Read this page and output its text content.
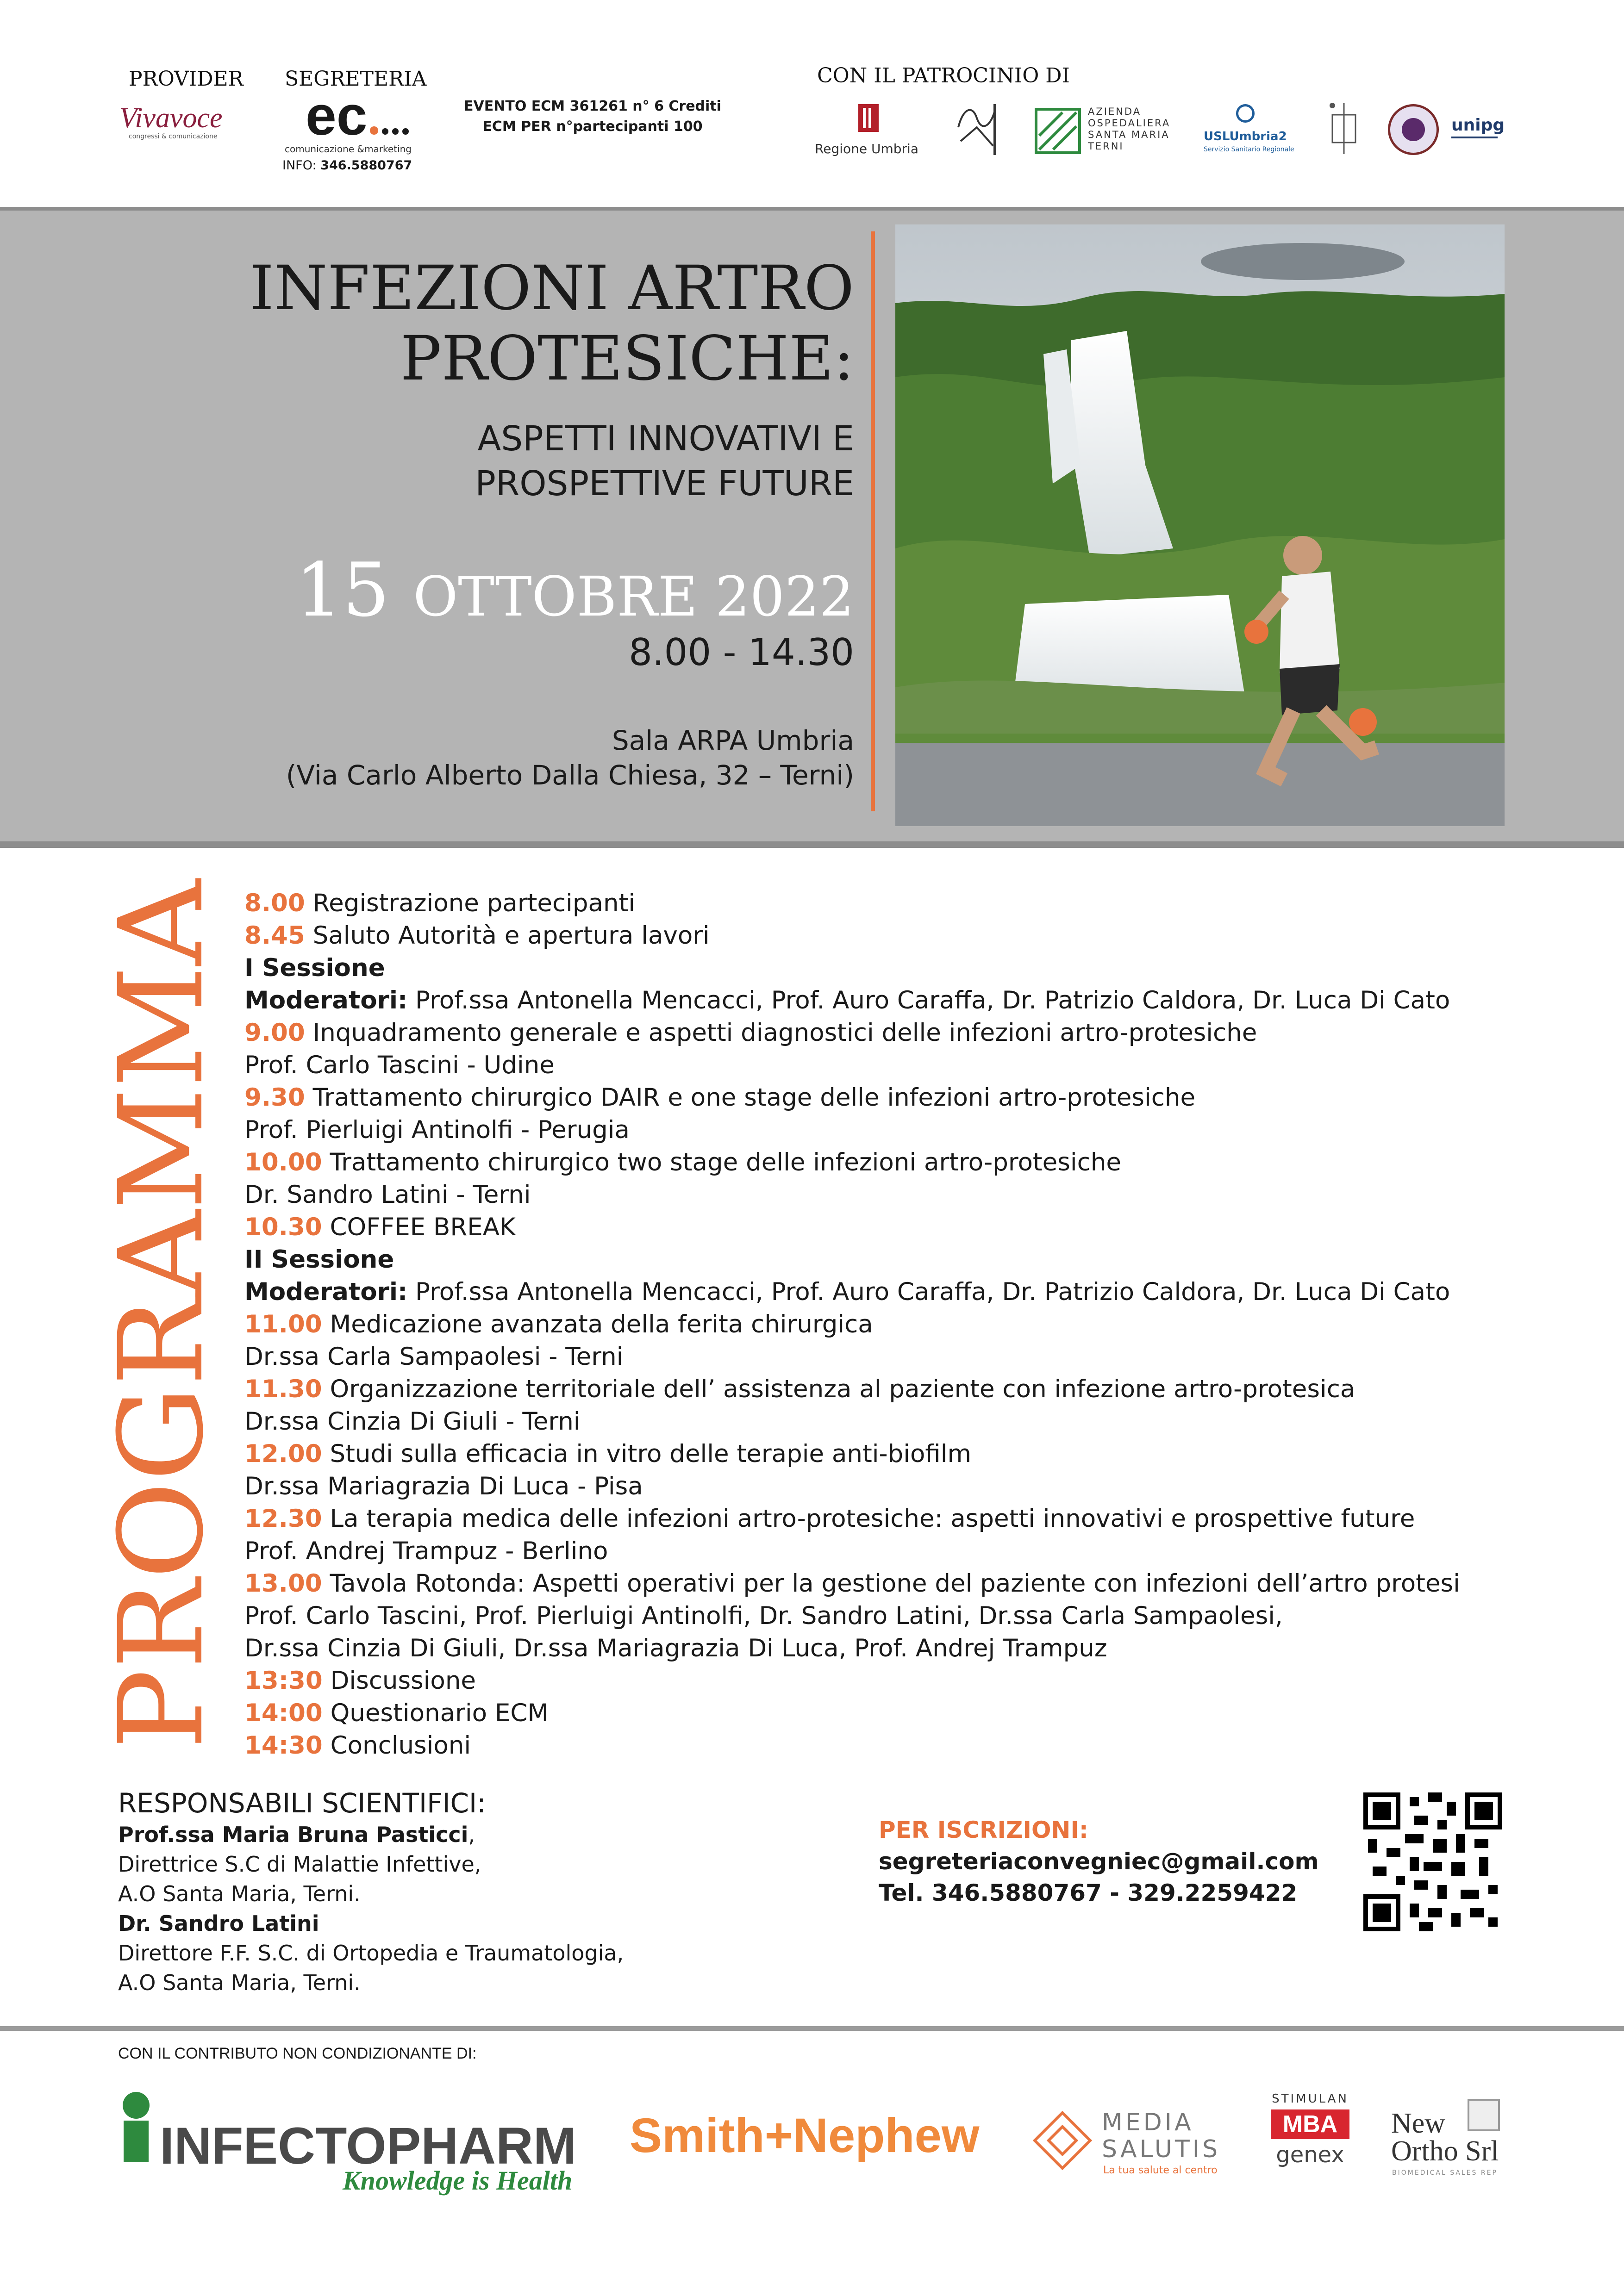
PROVIDER
Vivavoce
congressi & comunicazione
SEGRETERIA
ec
comunicazione &marketing
INFO: 346.5880767
EVENTO ECM 361261 n° 6 Crediti
ECM PER n°partecipanti 100
CON IL PATROCINIO DI
Regione Umbria
AZIENDA
OSPEDALIERA
SANTA MARIA
TERNI
USLUmbria2
Servizio Sanitario Regionale
unipg
INFEZIONI ARTRO
PROTESICHE:
ASPETTI INNOVATIVI E
PROSPETTIVE FUTURE
15 OTTOBRE 2022
8.00 - 14.30
Sala ARPA Umbria
(Via Carlo Alberto Dalla Chiesa, 32 – Terni)
PROGRAMMA
8.00 Registrazione partecipanti
8.45 Saluto Autorità e apertura lavori
I Sessione
Moderatori: Prof.ssa Antonella Mencacci, Prof. Auro Caraffa, Dr. Patrizio Caldora, Dr. Luca Di Cato
9.00 Inquadramento generale e aspetti diagnostici delle infezioni artro-protesiche
Prof. Carlo Tascini - Udine
9.30 Trattamento chirurgico DAIR e one stage delle infezioni artro-protesiche
Prof. Pierluigi Antinolfi - Perugia
10.00 Trattamento chirurgico two stage delle infezioni artro-protesiche
Dr. Sandro Latini - Terni
10.30 COFFEE BREAK
II Sessione
Moderatori: Prof.ssa Antonella Mencacci, Prof. Auro Caraffa, Dr. Patrizio Caldora, Dr. Luca Di Cato
11.00 Medicazione avanzata della ferita chirurgica
Dr.ssa Carla Sampaolesi - Terni
11.30 Organizzazione territoriale dell’ assistenza al paziente con infezione artro-protesica
Dr.ssa Cinzia Di Giuli - Terni
12.00 Studi sulla efficacia in vitro delle terapie anti-biofilm
Dr.ssa Mariagrazia Di Luca - Pisa
12.30 La terapia medica delle infezioni artro-protesiche: aspetti innovativi e prospettive future
Prof. Andrej Trampuz - Berlino
13.00 Tavola Rotonda: Aspetti operativi per la gestione del paziente con infezioni dell’artro protesi
Prof. Carlo Tascini, Prof. Pierluigi Antinolfi, Dr. Sandro Latini, Dr.ssa Carla Sampaolesi,
Dr.ssa Cinzia Di Giuli, Dr.ssa Mariagrazia Di Luca, Prof. Andrej Trampuz
13:30 Discussione
14:00 Questionario ECM
14:30 Conclusioni
RESPONSABILI SCIENTIFICI:
Prof.ssa Maria Bruna Pasticci,
Direttrice S.C di Malattie Infettive,
A.O Santa Maria, Terni.
Dr. Sandro Latini
Direttore F.F. S.C. di Ortopedia e Traumatologia,
A.O Santa Maria, Terni.
PER ISCRIZIONI:
segreteriaconvegniec@gmail.com
Tel. 346.5880767 - 329.2259422
CON IL CONTRIBUTO NON CONDIZIONANTE DI:
INFECTOPHARM
Knowledge is Health
Smith+Nephew	MEDIA
SALUTIS
La tua salute al centro
STIMULAN
MBA
genex
New
Ortho Srl
BIOMEDICAL SALES REP
